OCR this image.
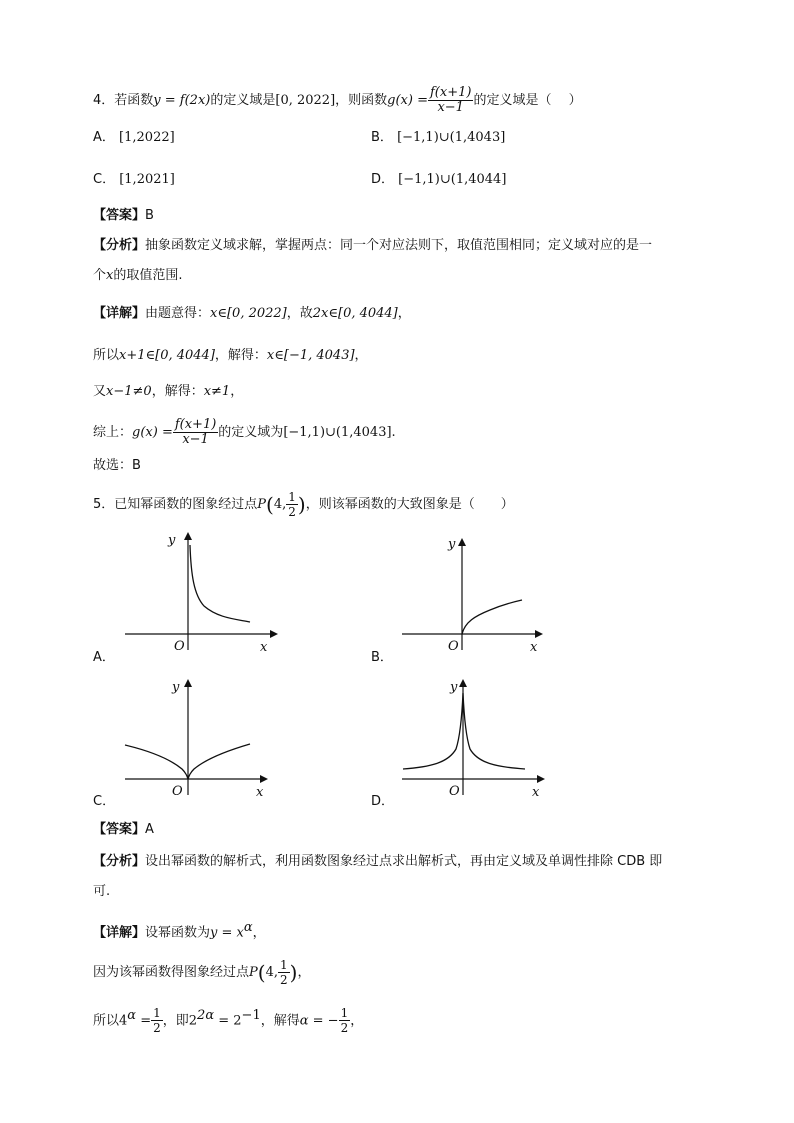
4．若函数y = f(2x)的定义域是[0, 2022]，则函数$g(x) = \frac{f(x+1)}{x-1}$ 的定义域是（　 ）
A． [1,2022]	B． [−1,1)∪(1,4043]
C． [1,2021]	D． [−1,1)∪(1,4044]
【答案】B
【分析】抽象函数定义域求解，掌握两点：同一个对应法则下，取值范围相同；定义域对应的是一
个x的取值范围.
【详解】由题意得：x∈[0, 2022]，故2x∈[0, 4044]，
所以x+1∈[0, 4044]，解得：x∈[−1, 4043]，
又x−1≠0，解得：x≠1，
综上：$g(x) = \frac{f(x+1)}{x-1}$ 的定义域为[−1,1)∪(1,4043].
故选：B
5．已知幂函数的图象经过点P(4, $\frac{1}{2}$ )，则该幂函数的大致图象是（　　）
y
x
O
A．
y
x
O
B．
y
x
O
C．
y
x
O
D．
【答案】A
【分析】设出幂函数的解析式，利用函数图象经过点求出解析式，再由定义域及单调性排除 CDB 即
可.
【详解】设幂函数为$y = x^\alpha$，
因为该幂函数得图象经过点P(4, $\frac{1}{2}$ )，
所以$4^\alpha = \frac{1}{2}$ ，即$2^{2\alpha} = 2^{-1}$，解得α = − $\frac{1}{2}$ ，
